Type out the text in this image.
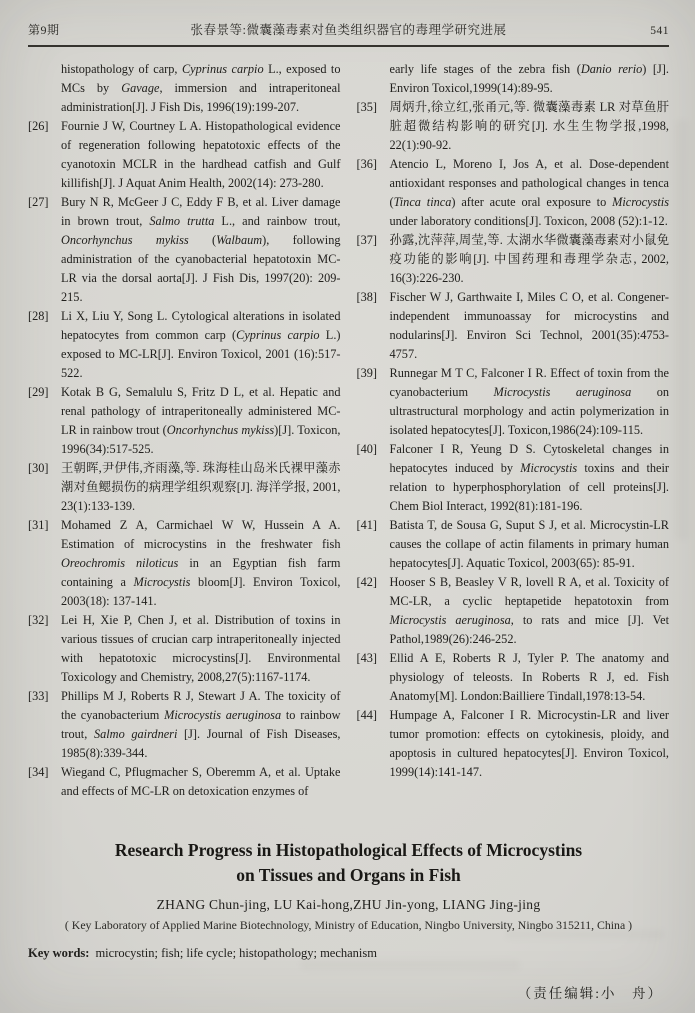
第9期	张春景等:微囊藻毒素对鱼类组织器官的毒理学研究进展	541
histopathology of carp, Cyprinus carpio L., exposed to MCs by Gavage, immersion and intraperitoneal administration[J]. J Fish Dis, 1996(19):199-207.
[26] Fournie J W, Courtney L A. Histopathological evidence of regeneration following hepatotoxic effects of the cyanotoxin MCLR in the hardhead catfish and Gulf killifish[J]. J Aquat Anim Health, 2002(14): 273-280.
[27] Bury N R, McGeer J C, Eddy F B, et al. Liver damage in brown trout, Salmo trutta L., and rainbow trout, Oncorhynchus mykiss (Walbaum), following administration of the cyanobacterial hepatotoxin MC-LR via the dorsal aorta[J]. J Fish Dis, 1997(20): 209-215.
[28] Li X, Liu Y, Song L. Cytological alterations in isolated hepatocytes from common carp (Cyprinus carpio L.) exposed to MC-LR[J]. Environ Toxicol, 2001 (16):517-522.
[29] Kotak B G, Semalulu S, Fritz D L, et al. Hepatic and renal pathology of intraperitoneally administered MC-LR in rainbow trout (Oncorhynchus mykiss)[J]. Toxicon, 1996(34):517-525.
[30] 王朝晖,尹伊伟,齐雨藻,等. 珠海桂山岛米氏裸甲藻赤潮对鱼鳃损伤的病理学组织观察[J]. 海洋学报, 2001, 23(1):133-139.
[31] Mohamed Z A, Carmichael W W, Hussein A A. Estimation of microcystins in the freshwater fish Oreochromis niloticus in an Egyptian fish farm containing a Microcystis bloom[J]. Environ Toxicol, 2003(18): 137-141.
[32] Lei H, Xie P, Chen J, et al. Distribution of toxins in various tissues of crucian carp intraperitoneally injected with hepatotoxic microcystins[J]. Environmental Toxicology and Chemistry, 2008,27(5):1167-1174.
[33] Phillips M J, Roberts R J, Stewart J A. The toxicity of the cyanobacterium Microcystis aeruginosa to rainbow trout, Salmo gairdneri [J]. Journal of Fish Diseases, 1985(8):339-344.
[34] Wiegand C, Pflugmacher S, Oberemm A, et al. Uptake and effects of MC-LR on detoxication enzymes of
early life stages of the zebra fish (Danio rerio) [J]. Environ Toxicol,1999(14):89-95.
[35] 周炳升,徐立红,张甬元,等. 微囊藻毒素 LR 对草鱼肝脏超微结构影响的研究[J]. 水生生物学报,1998, 22(1):90-92.
[36] Atencio L, Moreno I, Jos A, et al. Dose-dependent antioxidant responses and pathological changes in tenca (Tinca tinca) after acute oral exposure to Microcystis under laboratory conditions[J]. Toxicon, 2008 (52):1-12.
[37] 孙露,沈萍萍,周莹,等. 太湖水华微囊藻毒素对小鼠免疫功能的影响[J]. 中国药理和毒理学杂志, 2002, 16(3):226-230.
[38] Fischer W J, Garthwaite I, Miles C O, et al. Congener-independent immunoassay for microcystins and nodularins[J]. Environ Sci Technol, 2001(35):4753-4757.
[39] Runnegar M T C, Falconer I R. Effect of toxin from the cyanobacterium Microcystis aeruginosa on ultrastructural morphology and actin polymerization in isolated hepatocytes[J]. Toxicon,1986(24):109-115.
[40] Falconer I R, Yeung D S. Cytoskeletal changes in hepatocytes induced by Microcystis toxins and their relation to hyperphosphorylation of cell proteins[J]. Chem Biol Interact, 1992(81):181-196.
[41] Batista T, de Sousa G, Suput S J, et al. Microcystin-LR causes the collape of actin filaments in primary human hepatocytes[J]. Aquatic Toxicol, 2003(65): 85-91.
[42] Hooser S B, Beasley V R, lovell R A, et al. Toxicity of MC-LR, a cyclic heptapetide hepatotoxin from Microcystis aeruginosa, to rats and mice [J]. Vet Pathol,1989(26):246-252.
[43] Ellid A E, Roberts R J, Tyler P. The anatomy and physiology of teleosts. In Roberts R J, ed. Fish Anatomy[M]. London:Bailliere Tindall,1978:13-54.
[44] Humpage A, Falconer I R. Microcystin-LR and liver tumor promotion: effects on cytokinesis, ploidy, and apoptosis in cultured hepatocytes[J]. Environ Toxicol, 1999(14):141-147.
Research Progress in Histopathological Effects of Microcystins on Tissues and Organs in Fish
ZHANG Chun-jing, LU Kai-hong,ZHU Jin-yong, LIANG Jing-jing
( Key Laboratory of Applied Marine Biotechnology, Ministry of Education, Ningbo University, Ningbo 315211, China )
Key words: microcystin; fish; life cycle; histopathology; mechanism
（责任编辑:小　舟）
